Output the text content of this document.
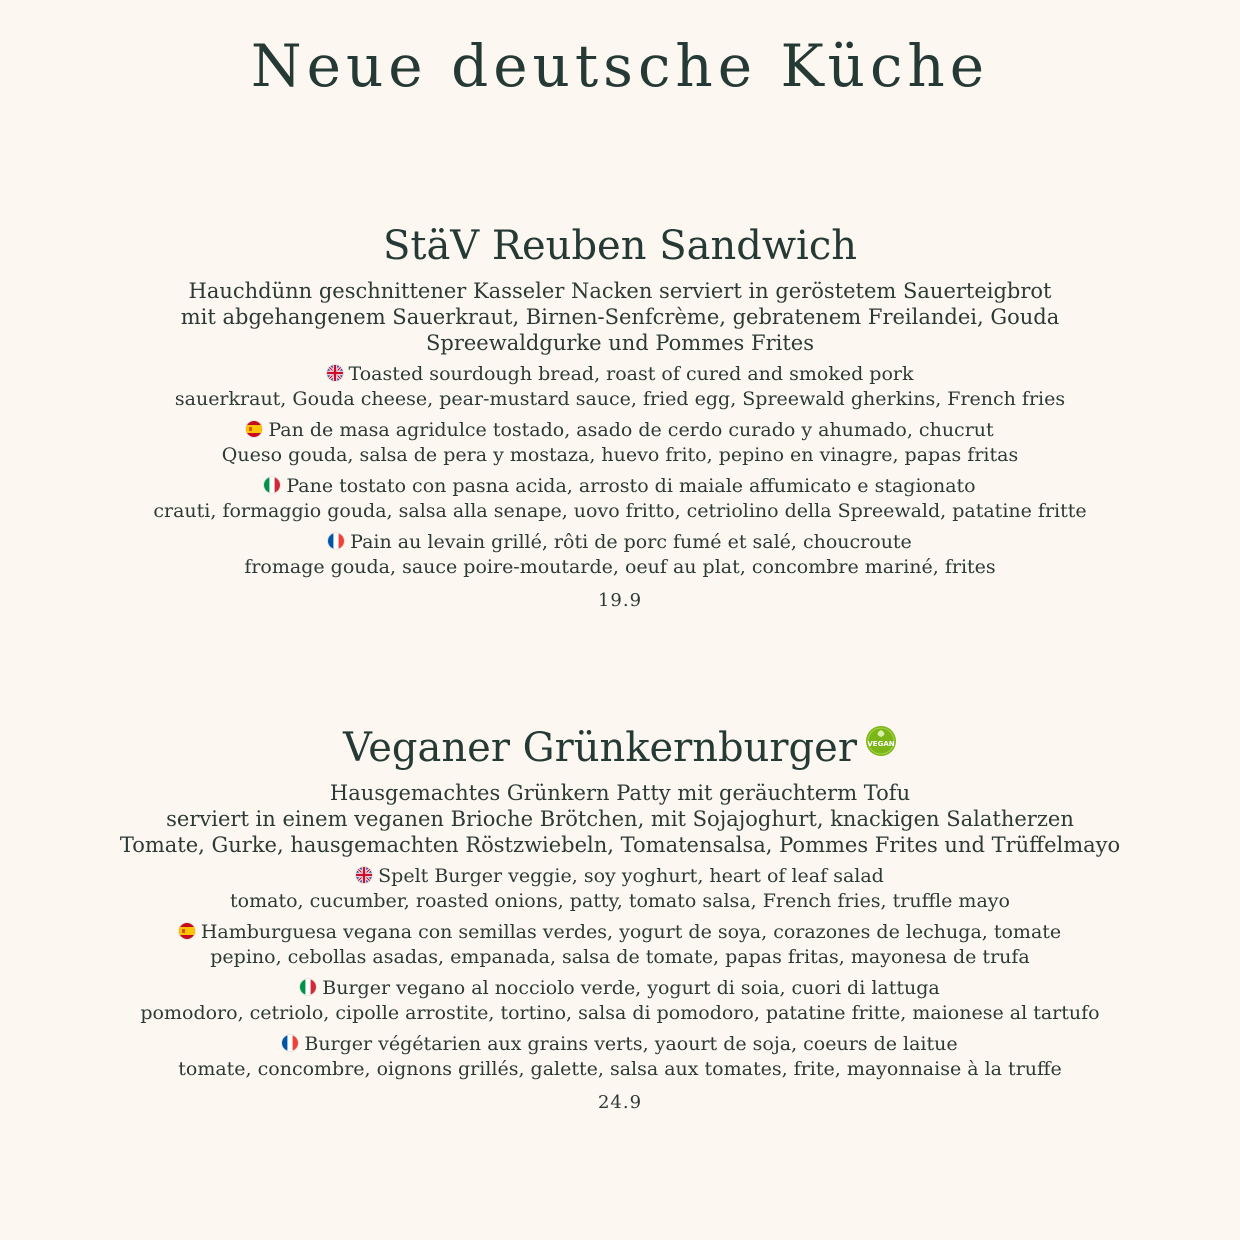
Neue deutsche Küche
StäV Reuben Sandwich
Hauchdünn geschnittener Kasseler Nacken serviert in geröstetem Sauerteigbrot
mit abgehangenem Sauerkraut, Birnen-Senfcrème, gebratenem Freilandei, Gouda
Spreewaldgurke und Pommes Frites
Toasted sourdough bread, roast of cured and smoked pork
sauerkraut, Gouda cheese, pear-mustard sauce, fried egg, Spreewald gherkins, French fries
Pan de masa agridulce tostado, asado de cerdo curado y ahumado, chucrut
Queso gouda, salsa de pera y mostaza, huevo frito, pepino en vinagre, papas fritas
Pane tostato con pasna acida, arrosto di maiale affumicato e stagionato
crauti, formaggio gouda, salsa alla senape, uovo fritto, cetriolino della Spreewald, patatine fritte
Pain au levain grillé, rôti de porc fumé et salé, choucroute
fromage gouda, sauce poire-moutarde, oeuf au plat, concombre mariné, frites
19.9
Veganer Grünkernburger VEGAN
Hausgemachtes Grünkern Patty mit geräuchterm Tofu
serviert in einem veganen Brioche Brötchen, mit Sojajoghurt, knackigen Salatherzen
Tomate, Gurke, hausgemachten Röstzwiebeln, Tomatensalsa, Pommes Frites und Trüffelmayo
Spelt Burger veggie, soy yoghurt, heart of leaf salad
tomato, cucumber, roasted onions, patty, tomato salsa, French fries, truffle mayo
Hamburguesa vegana con semillas verdes, yogurt de soya, corazones de lechuga, tomate
pepino, cebollas asadas, empanada, salsa de tomate, papas fritas, mayonesa de trufa
Burger vegano al nocciolo verde, yogurt di soia, cuori di lattuga
pomodoro, cetriolo, cipolle arrostite, tortino, salsa di pomodoro, patatine fritte, maionese al tartufo
Burger végétarien aux grains verts, yaourt de soja, coeurs de laitue
tomate, concombre, oignons grillés, galette, salsa aux tomates, frite, mayonnaise à la truffe
24.9
